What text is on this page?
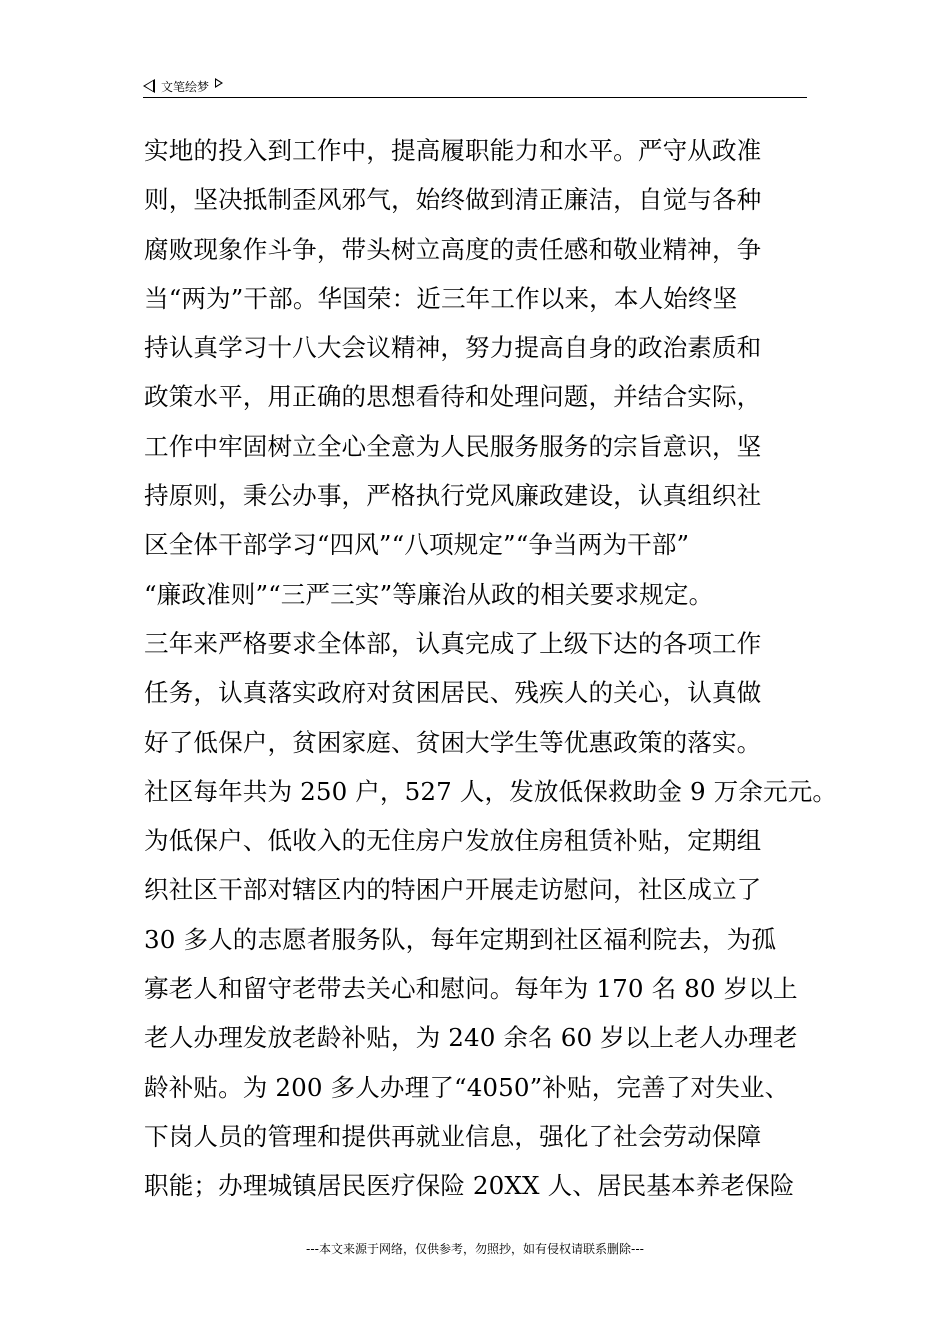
文笔绘梦
实地的投入到工作中，提高履职能力和水平。严守从政准
则，坚决抵制歪风邪气，始终做到清正廉洁，自觉与各种
腐败现象作斗争，带头树立高度的责任感和敬业精神，争
当“两为”干部。华国荣：近三年工作以来，本人始终坚
持认真学习十八大会议精神，努力提高自身的政治素质和
政策水平，用正确的思想看待和处理问题，并结合实际，
工作中牢固树立全心全意为人民服务服务的宗旨意识，坚
持原则，秉公办事，严格执行党风廉政建设，认真组织社
区全体干部学习“四风”“八项规定”“争当两为干部”
“廉政准则”“三严三实”等廉治从政的相关要求规定。
三年来严格要求全体部，认真完成了上级下达的各项工作
任务，认真落实政府对贫困居民、残疾人的关心，认真做
好了低保户，贫困家庭、贫困大学生等优惠政策的落实。
社区每年共为 250 户，527 人，发放低保救助金 9 万余元元。
为低保户、低收入的无住房户发放住房租赁补贴，定期组
织社区干部对辖区内的特困户开展走访慰问，社区成立了
30 多人的志愿者服务队，每年定期到社区福利院去，为孤
寡老人和留守老带去关心和慰问。每年为 170 名 80 岁以上
老人办理发放老龄补贴，为 240 余名 60 岁以上老人办理老
龄补贴。为 200 多人办理了“4050”补贴，完善了对失业、
下岗人员的管理和提供再就业信息，强化了社会劳动保障
职能；办理城镇居民医疗保险 20XX 人、居民基本养老保险
---本文来源于网络，仅供参考，勿照抄，如有侵权请联系删除---
